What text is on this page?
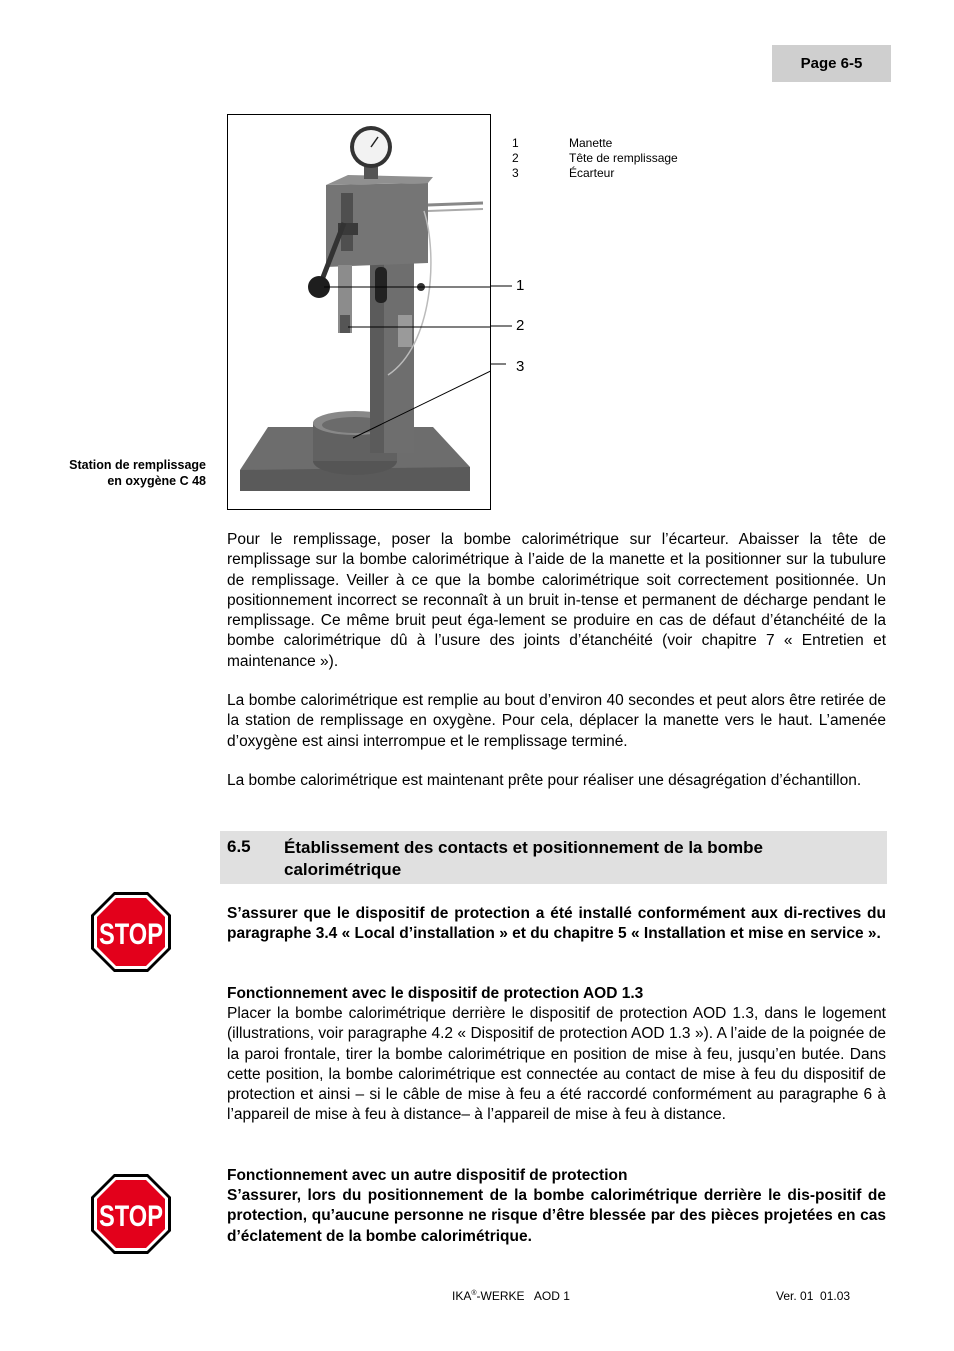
Page 6-5
1
2
3
1	Manette
2	Tête de remplissage
3	Écarteur
Station de remplissage
en oxygène C 48

Pour le remplissage, poser la bombe calorimétrique sur l’écarteur. Abaisser la tête de remplissage sur la bombe calorimétrique à l’aide de la manette et la positionner sur la tubulure de remplissage. Veiller à ce que la bombe calorimétrique soit correctement positionnée. Un positionnement incorrect se reconnaît à un bruit in-tense et permanent de décharge pendant le remplissage. Ce même bruit peut éga-lement se produire en cas de défaut d’étanchéité de la bombe calorimétrique dû à l’usure des joints d’étanchéité (voir chapitre 7 « Entretien et maintenance »).

La bombe calorimétrique est remplie au bout d’environ 40 secondes et peut alors être retirée de la station de remplissage en oxygène. Pour cela, déplacer la manette vers le haut. L’amenée d’oxygène est ainsi interrompue et le remplissage terminé.

La bombe calorimétrique est maintenant prête pour réaliser une désagrégation d’échantillon.

6.5 Établissement des contacts et positionnement de la bombe calorimétrique
STOP

S’assurer que le dispositif de protection a été installé conformément aux di-rectives du paragraphe 3.4 « Local d’installation » et du chapitre 5 « Installation et mise en service ».

Fonctionnement avec le dispositif de protection AOD 1.3

Placer la bombe calorimétrique derrière le dispositif de protection AOD 1.3, dans le logement (illustrations, voir paragraphe 4.2 « Dispositif de protection AOD 1.3 »). A l’aide de la poignée de la paroi frontale, tirer la bombe calorimétrique en position de mise à feu, jusqu’en butée. Dans cette position, la bombe calorimétrique est connectée au contact de mise à feu du dispositif de protection et ainsi – si le câble de mise à feu a été raccordé conformément au paragraphe 6 à l’appareil de mise à feu à distance– à l’appareil de mise à feu à distance.

STOP

Fonctionnement avec un autre dispositif de protection

S’assurer, lors du positionnement de la bombe calorimétrique derrière le dis-positif de protection, qu’aucune personne ne risque d’être blessée par des pièces projetées en cas d’éclatement de la bombe calorimétrique.

IKA®-WERKE   AOD 1	Ver. 01  01.03
